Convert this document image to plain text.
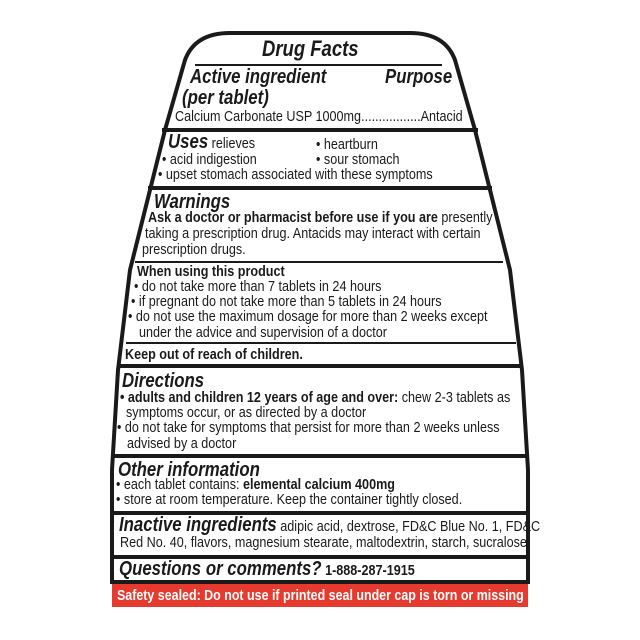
Drug Facts
Active ingredient	Purpose
(per tablet)
Calcium Carbonate USP 1000mg.................Antacid
Uses relieves	• heartburn
• acid indigestion	• sour stomach
• upset stomach associated with these symptoms
Warnings
Ask a doctor or pharmacist before use if you are presently
taking a prescription drug. Antacids may interact with certain
prescription drugs.
When using this product
• do not take more than 7 tablets in 24 hours
• if pregnant do not take more than 5 tablets in 24 hours
• do not use the maximum dosage for more than 2 weeks except
under the advice and supervision of a doctor
Keep out of reach of children.
Directions
• adults and children 12 years of age and over: chew 2-3 tablets as
symptoms occur, or as directed by a doctor
• do not take for symptoms that persist for more than 2 weeks unless
advised by a doctor
Other information
• each tablet contains: elemental calcium 400mg
• store at room temperature. Keep the container tightly closed.
Inactive ingredients adipic acid, dextrose, FD&C Blue No. 1, FD&C
Red No. 40, flavors, magnesium stearate, maltodextrin, starch, sucralose
Questions or comments? 1-888-287-1915
Safety sealed: Do not use if printed seal under cap is torn or missing
